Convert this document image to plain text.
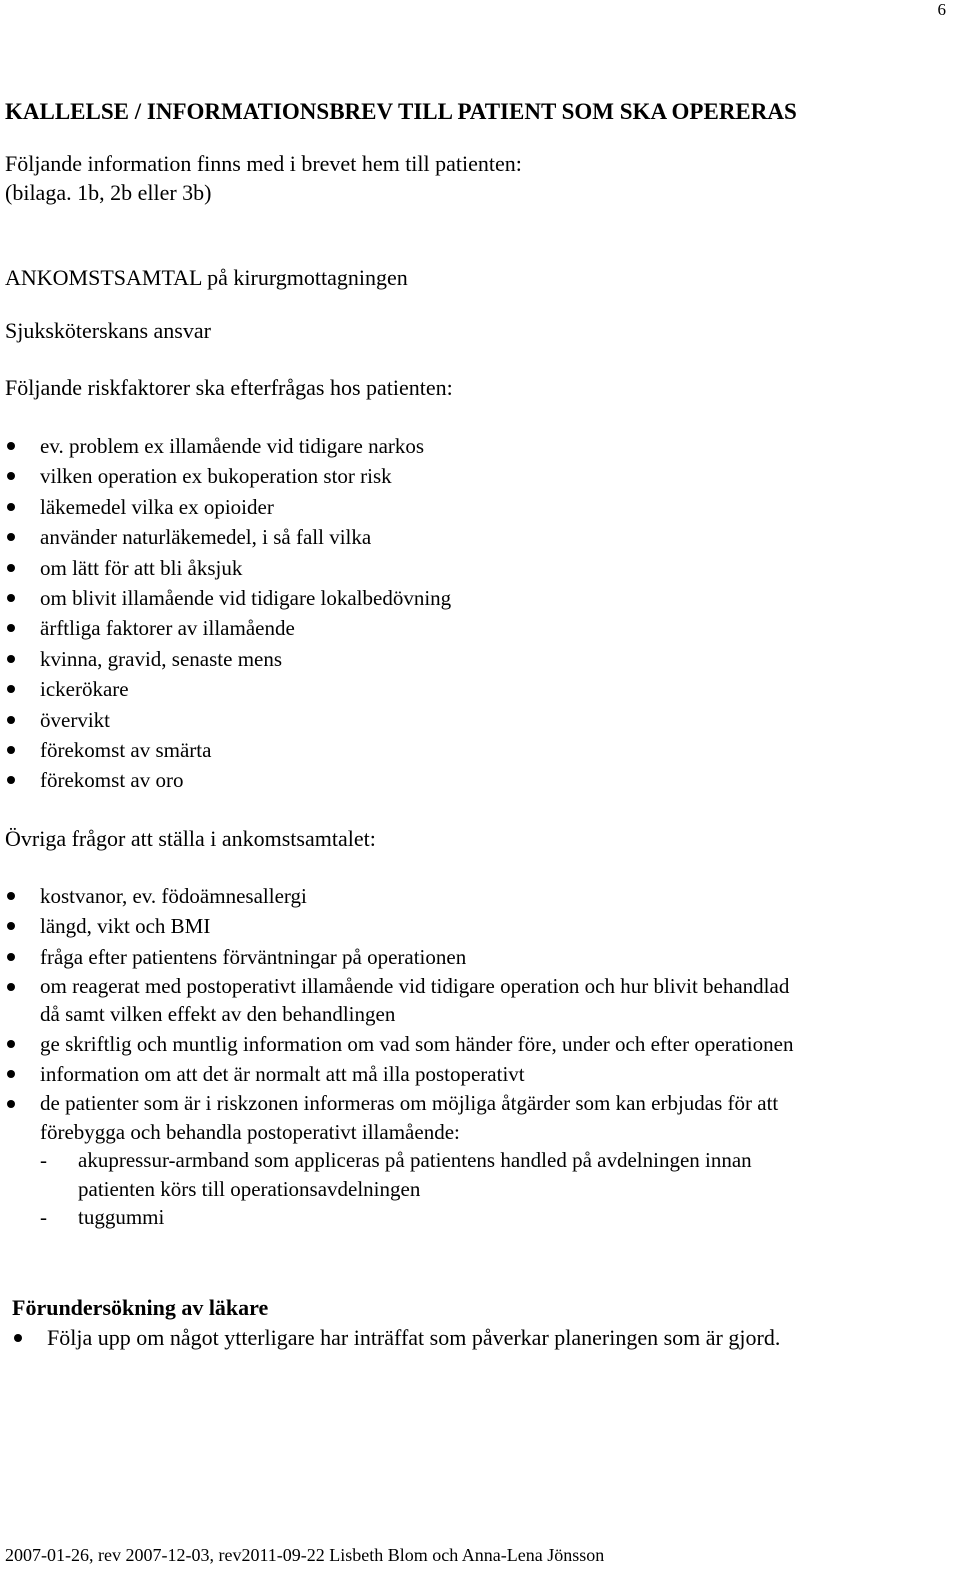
6
KALLELSE / INFORMATIONSBREV TILL PATIENT SOM SKA OPERERAS
Följande information finns med i brevet hem till patienten:
(bilaga. 1b, 2b eller 3b)
ANKOMSTSAMTAL på kirurgmottagningen
Sjuksköterskans ansvar
Följande riskfaktorer ska efterfrågas hos patienten:
ev. problem ex illamående vid tidigare narkos
vilken operation ex bukoperation stor risk
läkemedel vilka ex opioider
använder naturläkemedel, i så fall vilka
om lätt för att bli åksjuk
om blivit illamående vid tidigare lokalbedövning
ärftliga faktorer av illamående
kvinna, gravid, senaste mens
ickerökare
övervikt
förekomst av smärta
förekomst av oro
Övriga frågor att ställa i ankomstsamtalet:
kostvanor, ev. födoämnesallergi
längd, vikt och BMI
fråga efter patientens förväntningar på operationen
om reagerat med postoperativt illamående vid tidigare operation och hur blivit behandlad
då samt vilken effekt av den behandlingen
ge skriftlig och muntlig information om vad som händer före, under och efter operationen
information om att det är normalt att må illa postoperativt
de patienter som är i riskzonen informeras om möjliga åtgärder som kan erbjudas för att
förebygga och behandla postoperativt illamående:
- akupressur-armband som appliceras på patientens handled på avdelningen innan
patienten körs till operationsavdelningen
- tuggummi
Förundersökning av läkare
Följa upp om något ytterligare har inträffat som påverkar planeringen som är gjord.
2007-01-26, rev 2007-12-03, rev2011-09-22 Lisbeth Blom och Anna-Lena Jönsson
